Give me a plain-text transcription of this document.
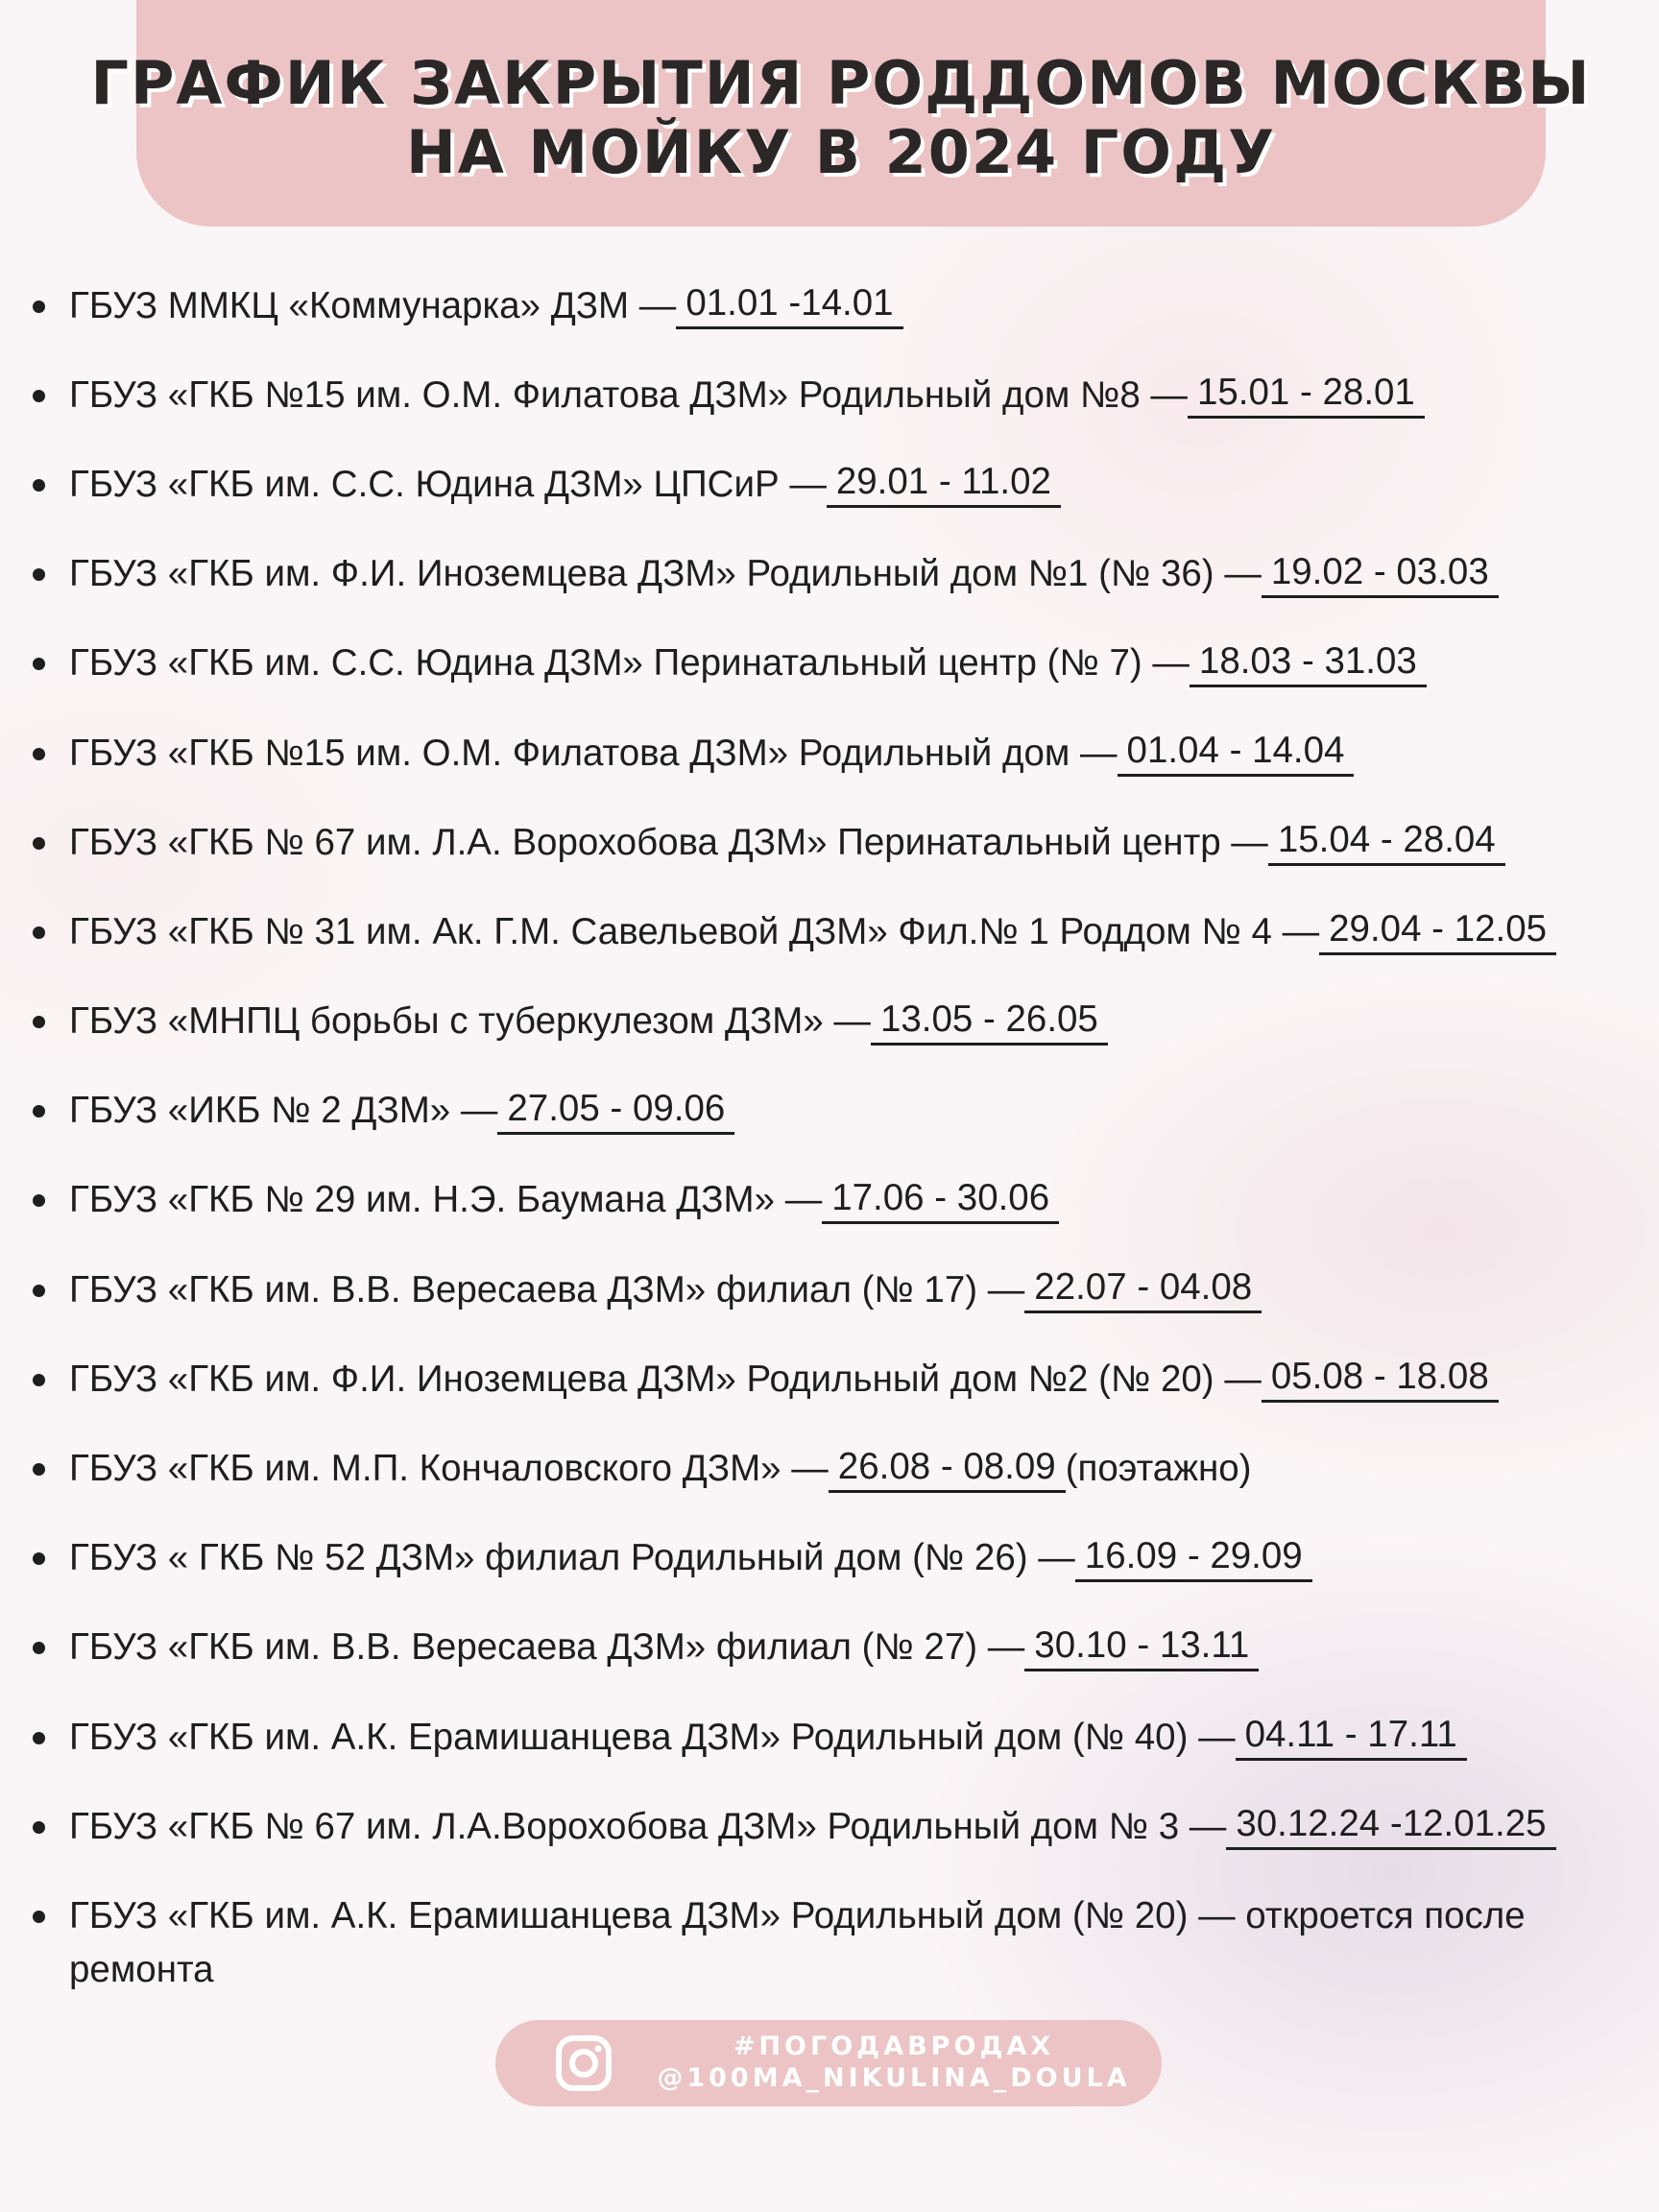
ГРАФИК ЗАКРЫТИЯ РОДДОМОВ МОСКВЫ
НА МОЙКУ В 2024 ГОДУ
ГБУЗ ММКЦ «Коммунарка» ДЗМ — 01.01 -14.01
ГБУЗ «ГКБ №15 им. О.М. Филатова ДЗМ» Родильный дом №8 — 15.01 - 28.01
ГБУЗ «ГКБ им. С.С. Юдина ДЗМ» ЦПСиР — 29.01 - 11.02
ГБУЗ «ГКБ им. Ф.И. Иноземцева ДЗМ» Родильный дом №1 (№ 36) — 19.02 - 03.03
ГБУЗ «ГКБ им. С.С. Юдина ДЗМ» Перинатальный центр (№ 7) — 18.03 - 31.03
ГБУЗ «ГКБ №15 им. О.М. Филатова ДЗМ» Родильный дом — 01.04 - 14.04
ГБУЗ «ГКБ № 67 им. Л.А. Ворохобова ДЗМ» Перинатальный центр — 15.04 - 28.04
ГБУЗ «ГКБ № 31 им. Ак. Г.М. Савельевой ДЗМ» Фил.№ 1 Роддом № 4 — 29.04 - 12.05
ГБУЗ «МНПЦ борьбы с туберкулезом ДЗМ» — 13.05 - 26.05
ГБУЗ «ИКБ № 2 ДЗМ» — 27.05 - 09.06
ГБУЗ «ГКБ № 29 им. Н.Э. Баумана ДЗМ» — 17.06 - 30.06
ГБУЗ «ГКБ им. В.В. Вересаева ДЗМ» филиал (№ 17) — 22.07 - 04.08
ГБУЗ «ГКБ им. Ф.И. Иноземцева ДЗМ» Родильный дом №2 (№ 20) — 05.08 - 18.08
ГБУЗ «ГКБ им. М.П. Кончаловского ДЗМ» — 26.08 - 08.09 (поэтажно)
ГБУЗ « ГКБ № 52 ДЗМ» филиал Родильный дом (№ 26) — 16.09 - 29.09
ГБУЗ «ГКБ им. В.В. Вересаева ДЗМ» филиал (№ 27) — 30.10 - 13.11
ГБУЗ «ГКБ им. А.К. Ерамишанцева ДЗМ» Родильный дом (№ 40) — 04.11 - 17.11
ГБУЗ «ГКБ № 67 им. Л.А.Ворохобова ДЗМ» Родильный дом № 3 — 30.12.24 -12.01.25
ГБУЗ «ГКБ им. А.К. Ерамишанцева ДЗМ» Родильный дом (№ 20) — откроется после
ремонта
#ПОГОДАВРОДАХ
@100MA_NIKULINA_DOULA
